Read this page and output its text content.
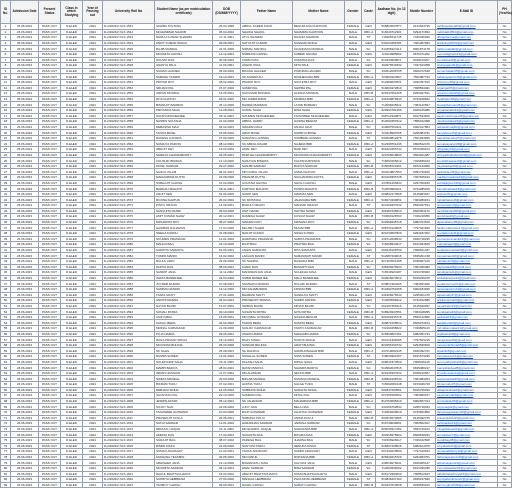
Sl No.	Admission Date	Present Status	Class in which Studying	Year of Passing out	University Roll No	Student Name (as per matriculation certificate)	DOB (DD/MM/YYYY)	Father Name	Mother Name	Gender	Caste	Aadhaar No. (in 12 digit)	Mobile Number	E-Mail ID	PH (Yes/No)
1	26.06.2023	PASS OUT	D.ELED	2024	D-2/2023/2 NLS 1541	SAHIBA SULTANA	26.03.1998	ABDUL KADER KHAN	BEGUM ANA KHATOON	FEMALE	GEN	505863067877	9134634735	sahibasultana69@gmail.com	No
2	26.06.2023	PASS OUT	D.ELED	2024	D-2/2023/2 NLS 1542	MOHAMMAD SHAKIB	05.04.2002	SHAIKH SHAKIL	SHAMIMA KHATOON	MALE	OBC-A	616049712301	6294171834	mdshakib0504@gmail.com	No
3	26.06.2023	PASS OUT	D.ELED	2024	D-2/2023/2 NLS 1543	DHIRAJ KUMAR SHARMA	17.11.2001	ATUL SHARMA	DHANIA SHARMA	MALE	ST	719405611745	7430435945	dhirajsharma@gmail.com	No
4	26.06.2023	PASS OUT	D.ELED	2024	D-2/2023/2 NLS 1544	ANKIT KUMAR SINGH	09.08.2001	SATYAJIT KUMAR	SUSHMA SINGH	MALE	GEN	540123456781	7001287993	ankitsingh2001@gmail.com	No
5	26.06.2023	PASS OUT	D.ELED	2024	D-2/2023/2 NLS 1545	RAJIB MANDAL	22.01.2000	NIRMAL MANDAL	CHANDANA MANDAL	MALE	SC	613458223112	8961874178	rajibmandal22@gmail.com	No
6	26.06.2023	PASS OUT	D.ELED	2024	D-2/2023/2 NLS 1546	MOUMITA GHOSH	14.12.2001	SUBRATA GHOSH	KABERI GHOSH	FEMALE	GEN	723410985662	9679471202	moumitaghosh14@gmail.com	No
7	26.06.2023	PASS OUT	D.ELED	2024	D-2/2023/2 NLS 1547	SOUVIK DAS	30.06.2002	TAPAN DAS	SUMITRA DAS	MALE	SC	812334509871	8348113267	souvikdas30@gmail.com	No
8	26.06.2023	PASS OUT	D.ELED	2024	D-2/2023/2 NLS 1548	ANANYA PAUL	11.03.2001	ASHOK PAUL	MITA PAUL	FEMALE	GEN	402976540332	7047913358	ananyapaul11@gmail.com	No
9	26.06.2023	PASS OUT	D.ELED	2024	D-2/2023/2 NLS 1549	SUMAN HALDER	05.09.2000	BIKASH HALDER	PURNIMA HALDER	MALE	SC	334512098765	9609372548	sumanhalder05@gmail.com	No
10	26.06.2023	PASS OUT	D.ELED	2024	D-2/2023/2 NLS 1550	SABANA YASMIN	19.10.2001	SK ANWAR ALI	ROSHENARA BIBI	FEMALE	OBC-A	723900124567	7602987743	sabanayasmin19@gmail.com	No
11	26.06.2023	PASS OUT	D.ELED	2024	D-2/2023/2 NLS 1551	PRITAM ROY	28.02.2002	PRADIP ROY	SUCHITRA ROY	MALE	GEN	612389004521	9332457106	pritamroy28@gmail.com	No
12	26.06.2023	PASS OUT	D.ELED	2024	D-2/2023/2 NLS 1552	SRIJANI PAL	07.07.2000	SAMIR PAL	SHIPRA PAL	FEMALE	GEN	519004372819	7908534491	srijanipal07@gmail.com	No
13	26.06.2023	PASS OUT	D.ELED	2024	D-2/2023/2 NLS 1553	ARPAN MONDAL	16.05.2001	SUKUMAR MONDAL	ALPANA MONDAL	MALE	OBC-B	820347651298	8250927641	arpanmondal16@gmail.com	No
14	26.06.2023	PASS OUT	D.ELED	2024	D-2/2023/2 NLS 1554	RIYA KHATUN	03.01.2002	MD JAMIRUDDIN	MOMINA BIBI	FEMALE	OBC-A	431209876543	9733108842	riyakhatun03@gmail.com	No
15	26.06.2023	PASS OUT	D.ELED	2024	D-2/2023/2 NLS 1555	BISWAJIT BARMAN	25.12.2000	DHIREN BARMAN	LAXMI BARMAN	MALE	SC	712098435621	7384120597	biswajitbarman25@gmail.com	No
16	26.06.2023	PASS OUT	D.ELED	2024	D-2/2023/2 NLS 1556	PRIYANKA SAHA	12.08.2001	GOPAL SAHA	RINA SAHA	FEMALE	GEN	620934781256	9046215380	priyankasaha12@gmail.com	No
17	26.06.2023	PASS OUT	D.ELED	2024	D-2/2023/2 NLS 1557	SAYAN MUKHERJEE	09.11.2002	SOUMEN MUKHERJEE	TANUSREE MUKHERJEE	MALE	GEN	508712349871	8017634509	sayanmukherjee09@gmail.com	No
18	26.06.2023	PASS OUT	D.ELED	2024	D-2/2023/2 NLS 1558	NASRIN SULTANA	21.04.2000	ABDUL HAMID	HASINA BEGUM	FEMALE	OBC-A	812093457612	7865012398	nasrinsultana21@gmail.com	No
19	26.06.2023	PASS OUT	D.ELED	2024	D-2/2023/2 NLS 1559	DEBASISH MAJI	02.02.2001	SWAPAN MAJI	ANJALI MAJI	MALE	SC	419087563421	9002317864	debasishmaji02@gmail.com	No
20	26.06.2023	PASS OUT	D.ELED	2024	D-2/2023/2 NLS 1560	TANIYA BOSE	15.06.2002	ARUP BOSE	SUPRIYA BOSE	FEMALE	GEN	723418900765	6295084731	taniyabose15@gmail.com	No
21	26.06.2023	PASS OUT	D.ELED	2024	D-2/2023/2 NLS 1561	RAKESH HANSDA	27.09.2000	SANATAN HANSDA	SOMBARI HANSDA	MALE	ST	634509812378	7501934826	rakeshhansda27@gmail.com	No
22	26.06.2023	PASS OUT	D.ELED	2024	D-2/2023/2 NLS 1562	SUMAIYA PARVIN	08.12.2001	SK ABDUL RAHIM	SAJEDA BIBI	FEMALE	OBC-A	512398761245	9800512476	sumaiyaparvin08@gmail.com	No
23	26.06.2023	PASS OUT	D.ELED	2024	D-2/2023/2 NLS 1563	ABHIJIT DEY	19.03.2002	AMAL DEY	BANI DEY	MALE	GEN	809123456734	8670329154	abhijitdey19@gmail.com	No
24	26.06.2023	PASS OUT	D.ELED	2024	D-2/2023/2 NLS 1564	SHREYA CHAKRABORTY	04.05.2001	PARTHA CHAKRABORTY	MOUSUMI CHAKRABORTY	FEMALE	GEN	423765019834	9563021487	shreyachakraborty04@gmail.com	No
25	26.06.2023	PASS OUT	D.ELED	2024	D-2/2023/2 NLS 1565	KOUSHIK BISWAS	13.10.2000	NARAYAN BISWAS	KALPANA BISWAS	MALE	SC	718293465012	7029845163	koushikbiswas13@gmail.com	No
26	26.06.2023	PASS OUT	D.ELED	2024	D-2/2023/2 NLS 1566	PAYEL SARKAR	29.07.2002	SANJIB SARKAR	BIJOYA SARKAR	FEMALE	OBC-B	615098723461	8972143069	payelsarkar29@gmail.com	No
27	26.06.2023	PASS OUT	D.ELED	2024	D-2/2023/2 NLS 1567	SAIFUL ISLAM	06.01.2001	MD NURUL ISLAM	ASMA KHATUN	MALE	OBC-A	503419827564	9091736520	saifulislam06@gmail.com	No
28	26.06.2023	PASS OUT	D.ELED	2024	D-2/2023/2 NLS 1568	MADHURIMA DUTTA	23.08.2000	PRANAB DUTTA	SUCHANDRA DUTTA	FEMALE	GEN	824109356728	7407625913	madhurimadutta23@gmail.com	No
29	26.06.2023	PASS OUT	D.ELED	2024	D-2/2023/2 NLS 1569	SUBHAJIT GHOSH	10.04.2002	GOUTAM GHOSH	SHIULI GHOSH	MALE	GEN	437801265934	6297450183	subhajitghosh10@gmail.com	No
30	26.06.2023	PASS OUT	D.ELED	2024	D-2/2023/2 NLS 1570	BARNALI MAHATO	18.11.2001	KARTICK MAHATO	PUSPA MAHATO	FEMALE	OBC-B	712650983421	9734285016	barnalimahato18@gmail.com	No
31	26.06.2023	PASS OUT	D.ELED	2024	D-2/2023/2 NLS 1571	ARIJIT SEN	01.06.2000	SUDIP SEN	MAMATA SEN	MALE	GEN	609832174568	8145903627	arijitsen01@gmail.com	No
32	26.06.2023	PASS OUT	D.ELED	2024	D-2/2023/2 NLS 1572	ROJINA KHATUN	26.02.2002	SK MOSTAFA	JAHANARA BIBI	FEMALE	OBC-A	518273409651	7063289154	rojinakhatun26@gmail.com	No
33	26.06.2023	PASS OUT	D.ELED	2024	D-2/2023/2 NLS 1573	PINTU ORAON	14.09.2001	BUDHU ORAON	MANGRI ORAON	MALE	ST	823190457632	9593027614	pintuoraon14@gmail.com	No
34	26.06.2023	PASS OUT	D.ELED	2024	D-2/2023/2 NLS 1574	SANCHITA NANDI	09.03.2000	ASIT NANDI	CHITRA NANDI	FEMALE	GEN	401987235614	8609354172	sanchitanandi09@gmail.com	No
35	26.06.2023	PASS OUT	D.ELED	2024	D-2/2023/2 NLS 1575	AMIT KUMAR SHAW	20.12.2001	RAMESH SHAW	KUSUM SHAW	MALE	OBC-B	734509128763	7439218056	amitshaw20@gmail.com	No
36	26.06.2023	PASS OUT	D.ELED	2024	D-2/2023/2 NLS 1576	DIPANWITA ROY	05.07.2002	SWAPAN ROY	KRISHNA ROY	FEMALE	SC	612908345718	9382704519	dipanwitaroy05@gmail.com	No
37	26.06.2023	PASS OUT	D.ELED	2024	D-2/2023/2 NLS 1577	HASIBUR RAHAMAN	17.04.2000	MD ABU TAHER	MUNNI BIBI	MALE	OBC-A	508734129065	7797321840	hasiburrahaman17@gmail.com	No
38	26.06.2023	PASS OUT	D.ELED	2024	D-2/2023/2 NLS 1578	SNEHA KUNDU	31.08.2001	RANJIT KUNDU	SIKHA KUNDU	FEMALE	GEN	821034567829	6294187302	snehakundu31@gmail.com	No
39	26.06.2023	PASS OUT	D.ELED	2024	D-2/2023/2 NLS 1579	SOUMEN PRAMANIK	12.01.2002	HARIPADA PRAMANIK	SABITA PRAMANIK	MALE	SC	436712098543	9046718235	soumenpramanik12@gmail.com	No
40	26.06.2023	PASS OUT	D.ELED	2024	D-2/2023/2 NLS 1580	MAHUA BAG	24.10.2000	DILIP BAG	PRATIMA BAG	FEMALE	SC	715208934617	8101934526	mahuabag24@gmail.com	No
41	26.06.2023	PASS OUT	D.ELED	2024	D-2/2023/2 NLS 1581	SUDIPTA SAMANTA	03.05.2001	ASHIS SAMANTA	RITA SAMANTA	MALE	GEN	609345128790	7908621437	sudiptasamanta03@gmail.com	No
42	26.06.2023	PASS OUT	D.ELED	2024	D-2/2023/2 NLS 1582	TUMPA MANDI	16.02.2002	LAKHAN MANDI	SARASWATI MANDI	FEMALE	ST	512987430615	9635201748	tumpamandi16@gmail.com	No
43	26.06.2023	PASS OUT	D.ELED	2024	D-2/2023/2 NLS 1583	RUHUL AMIN	29.06.2000	SK NAZRUL	RASHIDA BIBI	MALE	OBC-A	827304561298	8348907126	ruhulamin29@gmail.com	No
44	26.06.2023	PASS OUT	D.ELED	2024	D-2/2023/2 NLS 1584	PAPIYA DAS	08.09.2001	KANAI DAS	BASANTI DAS	FEMALE	SC	438109276534	7001456382	papiyadas08@gmail.com	No
45	26.06.2023	PASS OUT	D.ELED	2024	D-2/2023/2 NLS 1585	SANDIP JANA	11.11.2002	MANORANJAN JANA	SULEKHA JANA	MALE	GEN	716540923187	9153728460	sandipjana11@gmail.com	No
46	26.06.2023	PASS OUT	D.ELED	2024	D-2/2023/2 NLS 1586	ISHITA BANERJEE	22.03.2000	SUBIR BANERJEE	MALA BANERJEE	FEMALE	GEN	603918274512	8016239475	ishitabanerjee22@gmail.com	No
47	26.06.2023	PASS OUT	D.ELED	2024	D-2/2023/2 NLS 1587	JOYDEB MURMU	07.08.2001	SOMNATH MURMU	DULARI MURMU	MALE	ST	529817364205	7384501926	joydebmurmu07@gmail.com	No
48	26.06.2023	PASS OUT	D.ELED	2024	D-2/2023/2 NLS 1588	SAMIMA NASRIN	13.12.2002	MD SAHABUDDIN	FIROZA BIBI	FEMALE	OBC-A	814302769158	9002184635	samimanasrin13@gmail.com	No
49	26.06.2023	PASS OUT	D.ELED	2024	D-2/2023/2 NLS 1589	TAPAS MAITY	27.01.2000	BHABANI MAITY	SANDHYA MAITY	MALE	GEN	431908276543	6295301478	tapasmaity27@gmail.com	No
50	26.06.2023	PASS OUT	D.ELED	2024	D-2/2023/2 NLS 1590	ANKITA MANNA	04.04.2001	PROSENJIT MANNA	SAMPA MANNA	FEMALE	GEN	713265098412	9734012685	ankitamanna04@gmail.com	No
51	26.06.2023	PASS OUT	D.ELED	2024	D-2/2023/2 NLS 1591	NAYAN BAURI	19.07.2002	SRIBAS BAURI	MINATI BAURI	MALE	SC	602187459316	8145620937	nayanbauri19@gmail.com	No
52	26.06.2023	PASS OUT	D.ELED	2024	D-2/2023/2 NLS 1592	SONALI PATRA	30.10.2000	SUSANTA PATRA	GITA PATRA	FEMALE	OBC-B	518920347651	7063418295	sonalipatra30@gmail.com	No
53	26.06.2023	PASS OUT	D.ELED	2024	D-2/2023/2 NLS 1593	ASIF IQBAL	15.05.2001	MD IQBAL HOSSAIN	NASIMA BEGUM	MALE	OBC-A	826109345718	9593142806	asifiqbal15@gmail.com	No
54	26.06.2023	PASS OUT	D.ELED	2024	D-2/2023/2 NLS 1594	KAKALI BERA	02.02.2002	TARUN BERA	NAMITA BERA	FEMALE	GEN	409871236514	8609273154	kakalibera02@gmail.com	No
55	26.06.2023	PASS OUT	D.ELED	2024	D-2/2023/2 NLS 1595	MRINAL KARMAKAR	21.09.2000	SANJAY KARMAKAR	TAPATI KARMAKAR	MALE	OBC-B	732190458623	7439805126	mrinalkarmakar21@gmail.com	No
56	26.06.2023	PASS OUT	D.ELED	2024	D-2/2023/2 NLS 1596	PUJA HAZRA	09.06.2001	ASHIM HAZRA	MADHABI HAZRA	FEMALE	SC	615903827461	9382051734	pujahazra09@gmail.com	No
57	26.06.2023	PASS OUT	D.ELED	2024	D-2/2023/2 NLS 1597	RANA PRATAP SINGH	18.12.2002	BIJAY SINGH	SUNITA SINGH	MALE	GEN	504721396085	7797603215	ranapratap18@gmail.com	No
58	26.06.2023	PASS OUT	D.ELED	2024	D-2/2023/2 NLS 1598	MOUSUMI BHUNIA	06.03.2000	SANKAR BHUNIA	ARATI BHUNIA	FEMALE	GEN	823456190732	6294530819	mousumibhunia06@gmail.com	No
59	26.06.2023	PASS OUT	D.ELED	2024	D-2/2023/2 NLS 1599	SK SAHIL	25.08.2001	SK RAFIKUL	SAMSUNNAHAR BIBI	MALE	OBC-A	437619082345	9046392701	sksahil25@gmail.com	No
60	26.06.2023	PASS OUT	D.ELED	2024	D-2/2023/2 NLS 1600	RUMPA SOREN	14.01.2002	SUKHLAL SOREN	SUMI SOREN	FEMALE	ST	718034962157	8101574236	rumpasoren14@gmail.com	No
61	26.06.2023	PASS OUT	D.ELED	2024	D-2/2023/2 NLS 1601	SOUMYADIP SAHA	03.11.2000	PALASH SAHA	DIPALI SAHA	MALE	GEN	608231974560	7908345126	soumyadipsaha03@gmail.com	No
62	26.06.2023	PASS OUT	D.ELED	2024	D-2/2023/2 NLS 1602	MAMPI BAIDYA	28.04.2001	RATAN BAIDYA	SHAMPA BAIDYA	FEMALE	SC	513962047815	9635480217	mampibaidya28@gmail.com	No
63	26.06.2023	PASS OUT	D.ELED	2024	D-2/2023/2 NLS 1603	IMRAN HOSSAIN	11.07.2002	MD ALAMGIR	SELINA BIBI	MALE	OBC-A	829145307622	8348210567	imranhossain11@gmail.com	No
64	26.06.2023	PASS OUT	D.ELED	2024	D-2/2023/2 NLS 1604	SWETA MANDAL	20.09.2000	BIPLAB MANDAL	SUMANA MANDAL	FEMALE	OBC-B	436502198743	7001983264	swetamandal20@gmail.com	No
65	26.06.2023	PASS OUT	D.ELED	2024	D-2/2023/2 NLS 1605	BIKRAM TUDU	07.02.2001	HOPNA TUDU	SALGE TUDU	MALE	ST	715692083148	9153046728	bikramtudu07@gmail.com	No
66	26.06.2023	PASS OUT	D.ELED	2024	D-2/2023/2 NLS 1606	DEBJANI SINHA	16.05.2002	SUBRATA SINHA	SANGITA SINHA	FEMALE	GEN	601847293561	8016735290	debjanisinha16@gmail.com	No
67	26.06.2023	PASS OUT	D.ELED	2024	D-2/2023/2 NLS 1607	SAYANTAN PAL	29.10.2000	SAMIRAN PAL	MITALI PAL	MALE	GEN	527309184562	7384069157	sayantanpal29@gmail.com	No
68	26.06.2023	PASS OUT	D.ELED	2024	D-2/2023/2 NLS 1608	JESMIN AKTAR	05.12.2001	SK JAHANGIR	MAHAMUDA BIBI	FEMALE	OBC-A	812763095410	9002657314	jesminaktar05@gmail.com	No
69	26.06.2023	PASS OUT	D.ELED	2024	D-2/2023/2 NLS 1609	SUJOY NAG	22.06.2002	AJOY NAG	BELA NAG	MALE	SC	430196752834	6295718043	sujoynag22@gmail.com	No
70	26.06.2023	PASS OUT	D.ELED	2024	D-2/2023/2 NLS 1610	TANUSREE GOSWAMI	10.03.2000	DILIP GOSWAMI	CHAITALI GOSWAMI	FEMALE	GEN	719450238619	9734601852	tanusreegoswami10@gmail.com	No
71	26.06.2023	PASS OUT	D.ELED	2024	D-2/2023/2 NLS 1611	PRASENJIT DOLUI	26.08.2001	SUBODH DOLUI	ANIMA DOLUI	MALE	OBC-B	604519273685	8145092376	prasenjitdolui26@gmail.com	No
72	26.06.2023	PASS OUT	D.ELED	2024	D-2/2023/2 NLS 1612	SATHI SARDAR	13.01.2002	HARADHAN SARDAR	JAMUNA SARDAR	FEMALE	SC	516739048251	7063502917	sathisardar13@gmail.com	No
73	26.06.2023	PASS OUT	D.ELED	2024	D-2/2023/2 NLS 1613	MIRAJUL HAQUE	01.11.2000	MD ENAMUL HAQUE	SAHANARA BIBI	MALE	OBC-A	825036917482	9593740162	mirajulhaque01@gmail.com	No
74	26.06.2023	PASS OUT	D.ELED	2024	D-2/2023/2 NLS 1614	AMRITA DAS	17.04.2001	SUKANTA DAS	BITHIKA DAS	FEMALE	GEN	402918375604	8609518234	amritadas17@gmail.com	No
75	26.06.2023	PASS OUT	D.ELED	2024	D-2/2023/2 NLS 1615	SURAJIT BAG	08.07.2002	PARESH BAG	JHARNA BAG	MALE	SC	731506928417	7439162508	surajitbag08@gmail.com	No
76	26.06.2023	PASS OUT	D.ELED	2024	D-2/2023/2 NLS 1616	RIMPA KISKU	24.09.2000	SANYASI KISKU	RENUKA KISKU	FEMALE	ST	618207439516	9382614075	rimpakisku24@gmail.com	No
77	26.06.2023	PASS OUT	D.ELED	2024	D-2/2023/2 NLS 1617	SUMAN ADHIKARY	12.02.2001	TARAK ADHIKARY	SAMPA ADHIKARY	MALE	GEN	507439218560	7797410623	sumanadhikary12@gmail.com	No
78	26.06.2023	PASS OUT	D.ELED	2024	D-2/2023/2 NLS 1618	FARHANA YEASMIN	30.05.2002	MD FARUK	ROKSANA BIBI	FEMALE	OBC-A	826930415729	6294063751	farhanayeasmin30@gmail.com	No
79	26.06.2023	PASS OUT	D.ELED	2024	D-2/2023/2 NLS 1619	ABHISHEK JANA	19.10.2000	BISWANATH JANA	KALYANI JANA	MALE	GEN	439518276041	9046905127	abhishekjana19@gmail.com	No
80	26.06.2023	PASS OUT	D.ELED	2024	D-2/2023/2 NLS 1620	MOUMITA SARDAR	04.12.2001	AMAL SARDAR	BINA SARDAR	FEMALE	SC	712604938152	8101296435	moumitasardar04@gmail.com	No
81	26.06.2023	PASS OUT	D.ELED	2024	D-2/2023/2 NLS 1621	RAHUL BHATTACHARYA	15.03.2002	ABHIJIT BHATTACHARYA	SOMA BHATTACHARYA	MALE	GEN	609172384650	7908512643	rahulbhattacharya15@gmail.com	No
82	26.06.2023	PASS OUT	D.ELED	2024	D-2/2023/2 NLS 1622	SUPRIYA HEMBRAM	27.06.2000	MANGAL HEMBRAM	PHULMONI HEMBRAM	FEMALE	ST	514836207193	9635217840	supriyahembram27@gmail.com	No
83	26.06.2023	PASS OUT	D.ELED	2024	D-2/2023/2 NLS 1623	TANMOY GHOSH	09.09.2001	NIKHIL GHOSH	SARATI GHOSH	MALE	OBC-B	820437619528	8348639015	tanmoyghosh09@gmail.com	No
